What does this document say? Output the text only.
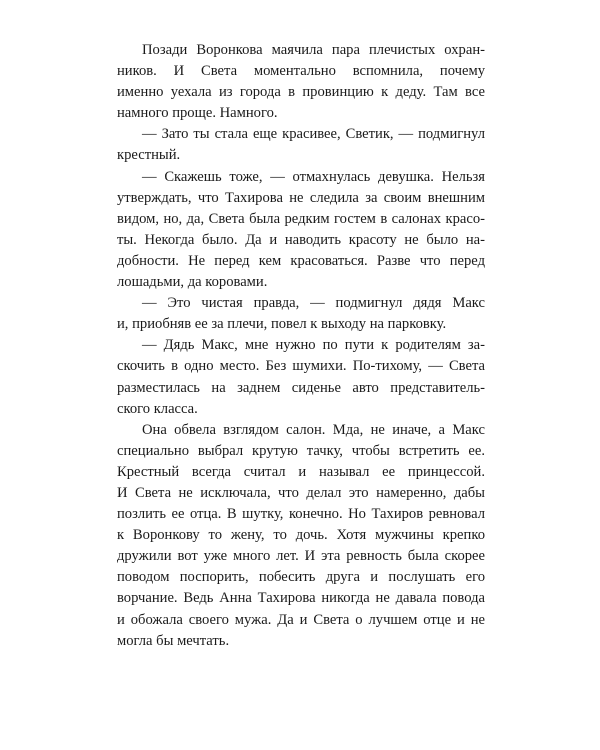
Позади Воронкова маячила пара плечистых охран-
ников. И Света моментально вспомнила, почему
именно уехала из города в провинцию к деду. Там все
намного проще. Намного.
— Зато ты стала еще красивее, Светик, — подмигнул
крестный.
— Скажешь тоже, — отмахнулась девушка. Нельзя
утверждать, что Тахирова не следила за своим внешним
видом, но, да, Света была редким гостем в салонах красо-
ты. Некогда было. Да и наводить красоту не было на-
добности. Не перед кем красоваться. Разве что перед
лошадьми, да коровами.
— Это чистая правда, — подмигнул дядя Макс
и, приобняв ее за плечи, повел к выходу на парковку.
— Дядь Макс, мне нужно по пути к родителям за-
скочить в одно место. Без шумихи. По-тихому, — Света
разместилась на заднем сиденье авто представитель-
ского класса.
Она обвела взглядом салон. Мда, не иначе, а Макс
специально выбрал крутую тачку, чтобы встретить ее.
Крестный всегда считал и называл ее принцессой.
И Света не исключала, что делал это намеренно, дабы
позлить ее отца. В шутку, конечно. Но Тахиров ревновал
к Воронкову то жену, то дочь. Хотя мужчины крепко
дружили вот уже много лет. И эта ревность была скорее
поводом поспорить, побесить друга и послушать его
ворчание. Ведь Анна Тахирова никогда не давала повода
и обожала своего мужа. Да и Света о лучшем отце и не
могла бы мечтать.
